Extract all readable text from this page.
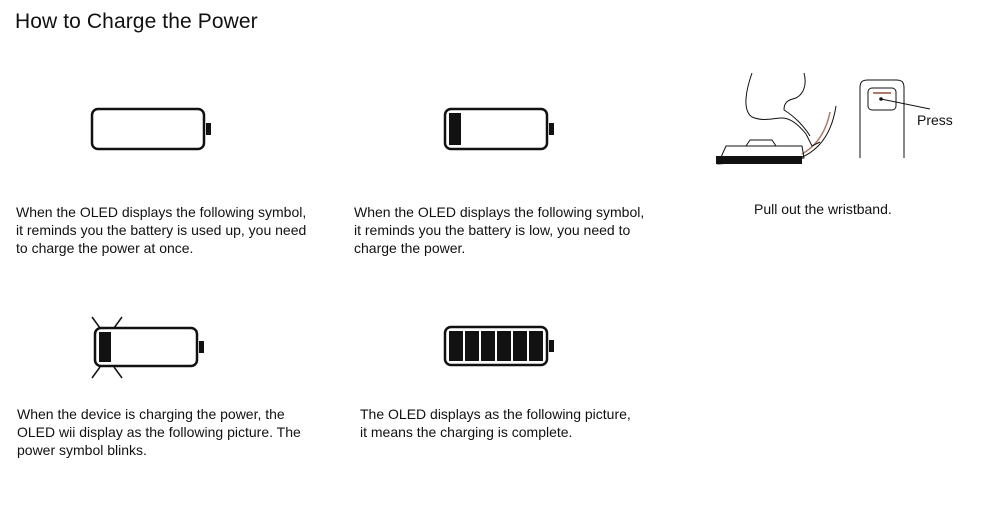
How to Charge the Power
When the OLED displays the following symbol,
it reminds you the battery is used up, you need
to charge the power at once.
When the OLED displays the following symbol,
it reminds you the battery is low, you need to
charge the power.
Press
Pull out the wristband.
When the device is charging the power, the
OLED wii display as the following picture. The
power symbol blinks.
The OLED displays as the following picture,
it means the charging is complete.
